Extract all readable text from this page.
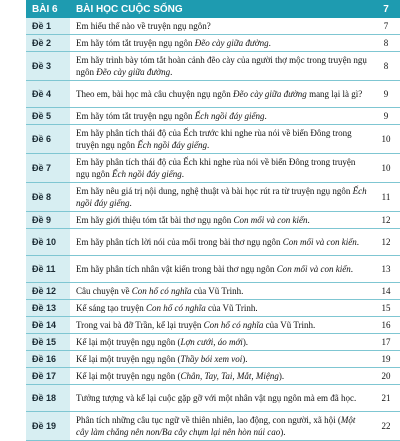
BÀI 6	BÀI HỌC CUỘC SỐNG	7
Đề 1	Em hiểu thế nào về truyện ngụ ngôn?	7
Đề 2	Em hãy tóm tắt truyện ngụ ngôn Đẽo cày giữa đường.	8
Đề 3	Em hãy trình bày tóm tắt hoàn cảnh đẽo cày của người thợ mộc trong truyện ngụ ngôn Đẽo cày giữa đường.	8
Đề 4	Theo em, bài học mà câu chuyện ngụ ngôn Đẽo cày giữa đường mang lại là gì?	9
Đề 5	Em hãy tóm tắt truyện ngụ ngôn Ếch ngồi đáy giếng.	9
Đề 6	Em hãy phân tích thái độ của Ếch trước khi nghe rùa nói về biển Đông trong truyện ngụ ngôn Ếch ngồi đáy giếng.	10
Đề 7	Em hãy phân tích thái độ của Ếch khi nghe rùa nói về biển Đông trong truyện ngụ ngôn Ếch ngồi đáy giếng.	10
Đề 8	Em hãy nêu giá trị nội dung, nghệ thuật và bài học rút ra từ truyện ngụ ngôn Ếch ngồi đáy giếng.	11
Đề 9	Em hãy giới thiệu tóm tắt bài thơ ngụ ngôn Con mối và con kiến.	12
Đề 10	Em hãy phân tích lời nói của mối trong bài thơ ngụ ngôn Con mối và con kiến.	12
Đề 11	Em hãy phân tích nhân vật kiến trong bài thơ ngụ ngôn Con mối và con kiến.	13
Đề 12	Câu chuyện về Con hổ có nghĩa của Vũ Trinh.	14
Đề 13	Kể sáng tạo truyện Con hổ có nghĩa của Vũ Trinh.	15
Đề 14	Trong vai bà đỡ Trần, kể lại truyện Con hổ có nghĩa của Vũ Trinh.	16
Đề 15	Kể lại một truyện ngụ ngôn (Lợn cưới, áo mới).	17
Đề 16	Kể lại một truyện ngụ ngôn (Thầy bói xem voi).	19
Đề 17	Kể lại một truyện ngụ ngôn (Chân, Tay, Tai, Mắt, Miệng).	20
Đề 18	Tưởng tượng và kể lại cuộc gặp gỡ với một nhân vật ngụ ngôn mà em đã học.	21
Đề 19	Phân tích những câu tục ngữ về thiên nhiên, lao động, con người, xã hội (Một cây làm chẳng nên non/Ba cây chụm lại nên hòn núi cao).	22
